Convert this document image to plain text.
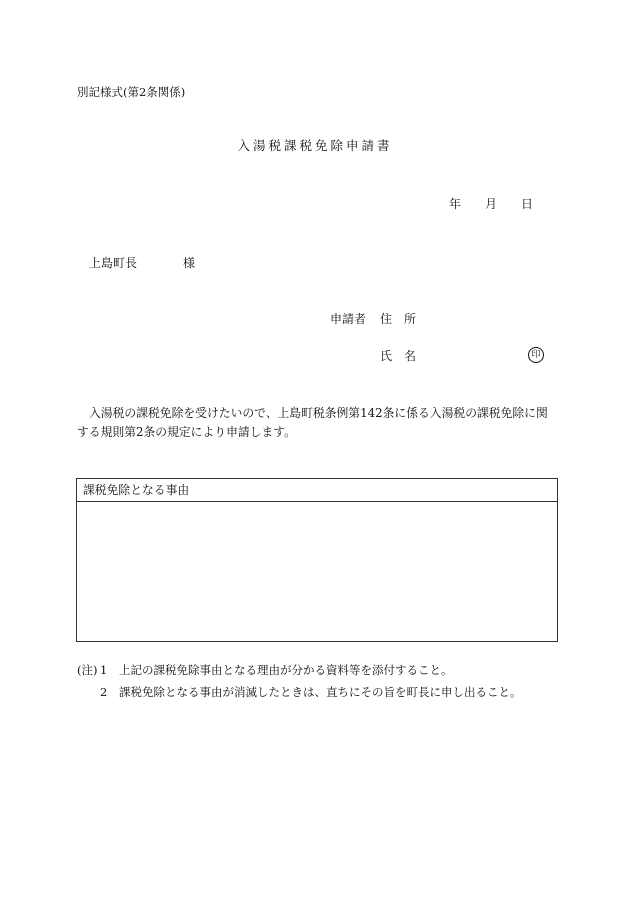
別記様式(第2条関係)
入湯税課税免除申請書
年 月 日
上島町長	様
申請者 住　所
氏　名	印
入湯税の課税免除を受けたいので、上島町税条例第142条に係る入湯税の課税免除に関する規則第2条の規定により申請します。
課税免除となる事由
(注) 1 上記の課税免除事由となる理由が分かる資料等を添付すること。
2 課税免除となる事由が消滅したときは、直ちにその旨を町長に申し出ること。
